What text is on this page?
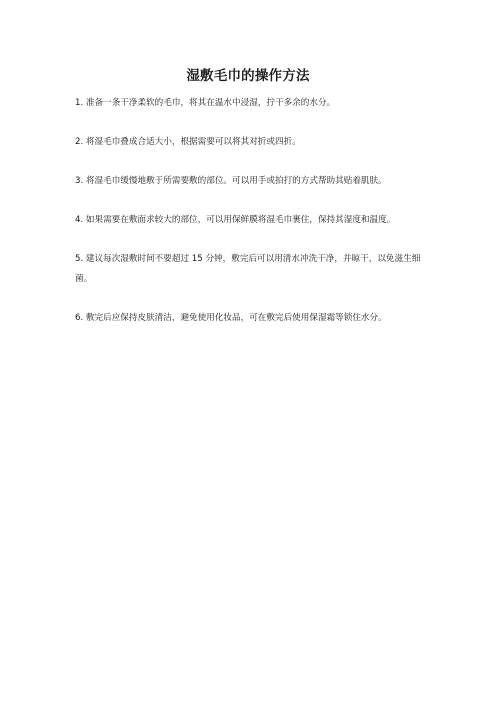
湿敷毛巾的操作方法

1. 准备一条干净柔软的毛巾，将其在温水中浸湿，拧干多余的水分。

2. 将湿毛巾叠成合适大小，根据需要可以将其对折或四折。

3. 将湿毛巾缓慢地敷于所需要敷的部位。可以用手或拍打的方式帮助其贴着肌肤。

4. 如果需要在敷面求较大的部位，可以用保鲜膜将湿毛巾裹住，保持其湿度和温度。

5. 建议每次湿敷时间不要超过 15 分钟，敷完后可以用清水冲洗干净，并晾干，以免滋生细菌。

6. 敷完后应保持皮肤清洁，避免使用化妆品，可在敷完后使用保湿霜等锁住水分。
